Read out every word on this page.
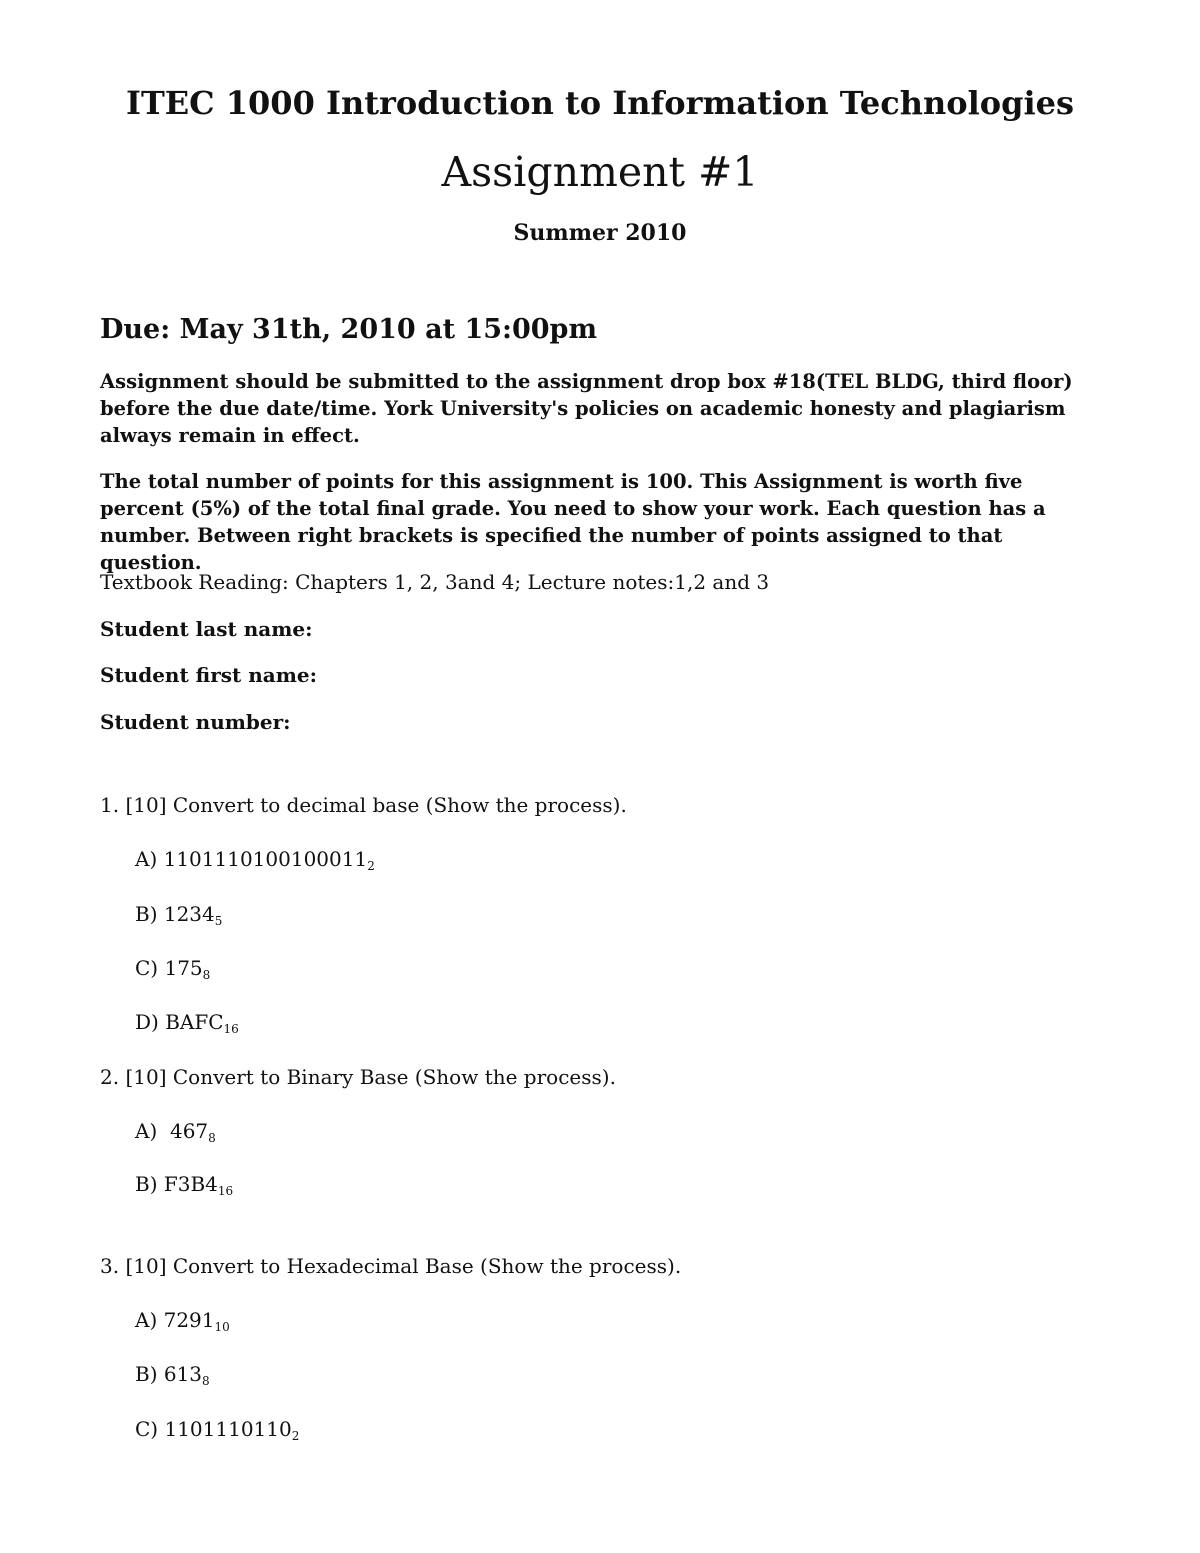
ITEC 1000 Introduction to Information Technologies
Assignment #1
Summer 2010
Due: May 31th, 2010 at 15:00pm
Assignment should be submitted to the assignment drop box #18(TEL BLDG, third floor) before the due date/time. York University's policies on academic honesty and plagiarism always remain in effect.
The total number of points for this assignment is 100. This Assignment is worth five percent (5%) of the total final grade. You need to show your work. Each question has a number. Between right brackets is specified the number of points assigned to that question.
Textbook Reading: Chapters 1, 2, 3and 4; Lecture notes:1,2 and 3
Student last name:
Student first name:
Student number:
1. [10] Convert to decimal base (Show the process).
A) $1101110100100011_2$
B) $1234_5$
C) $175_8$
D) $BAFC_{16}$
2. [10] Convert to Binary Base (Show the process).
A) $467_8$
B) $F3B4_{16}$
3. [10] Convert to Hexadecimal Base (Show the process).
A) $7291_{10}$
B) $613_8$
C) $1101110110_2$
